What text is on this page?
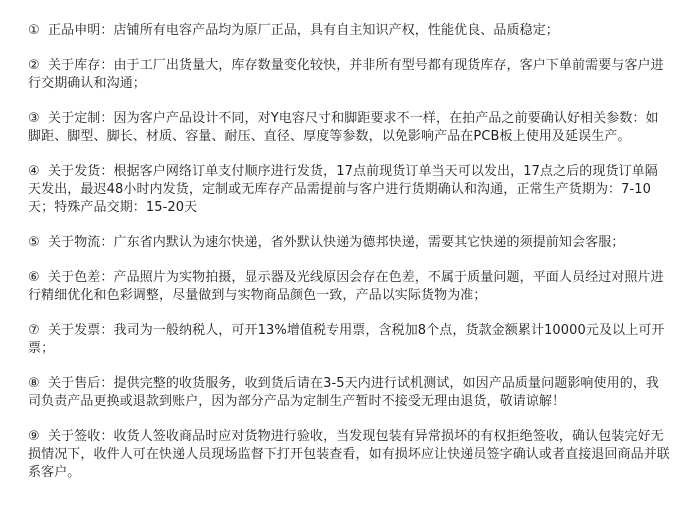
① 正品申明：店铺所有电容产品均为原厂正品，具有自主知识产权，性能优良、品质稳定；

② 关于库存：由于工厂出货量大，库存数量变化较快，并非所有型号都有现货库存，客户下单前需要与客户进行交期确认和沟通；

③ 关于定制：因为客户产品设计不同，对Y电容尺寸和脚距要求不一样，在拍产品之前要确认好相关参数：如脚距、脚型、脚长、材质、容量、耐压、直径、厚度等参数，以免影响产品在PCB板上使用及延误生产。

④ 关于发货：根据客户网络订单支付顺序进行发货，17点前现货订单当天可以发出，17点之后的现货订单隔天发出，最迟48小时内发货，定制或无库存产品需提前与客户进行货期确认和沟通，正常生产货期为：7-10天；特殊产品交期：15-20天

⑤ 关于物流：广东省内默认为速尔快递，省外默认快递为德邦快递，需要其它快递的须提前知会客服；

⑥ 关于色差：产品照片为实物拍摄，显示器及光线原因会存在色差，不属于质量问题，平面人员经过对照片进行精细优化和色彩调整，尽量做到与实物商品颜色一致，产品以实际货物为准；

⑦ 关于发票：我司为一般纳税人，可开13%增值税专用票，含税加8个点，货款金额累计10000元及以上可开票；

⑧ 关于售后：提供完整的收货服务，收到货后请在3-5天内进行试机测试，如因产品质量问题影响使用的，我司负责产品更换或退款到账户，因为部分产品为定制生产暂时不接受无理由退货，敬请谅解！

⑨ 关于签收：收货人签收商品时应对货物进行验收，当发现包装有异常损坏的有权拒绝签收，确认包装完好无损情况下，收件人可在快递人员现场监督下打开包装查看，如有损坏应让快递员签字确认或者直接退回商品并联系客户。
